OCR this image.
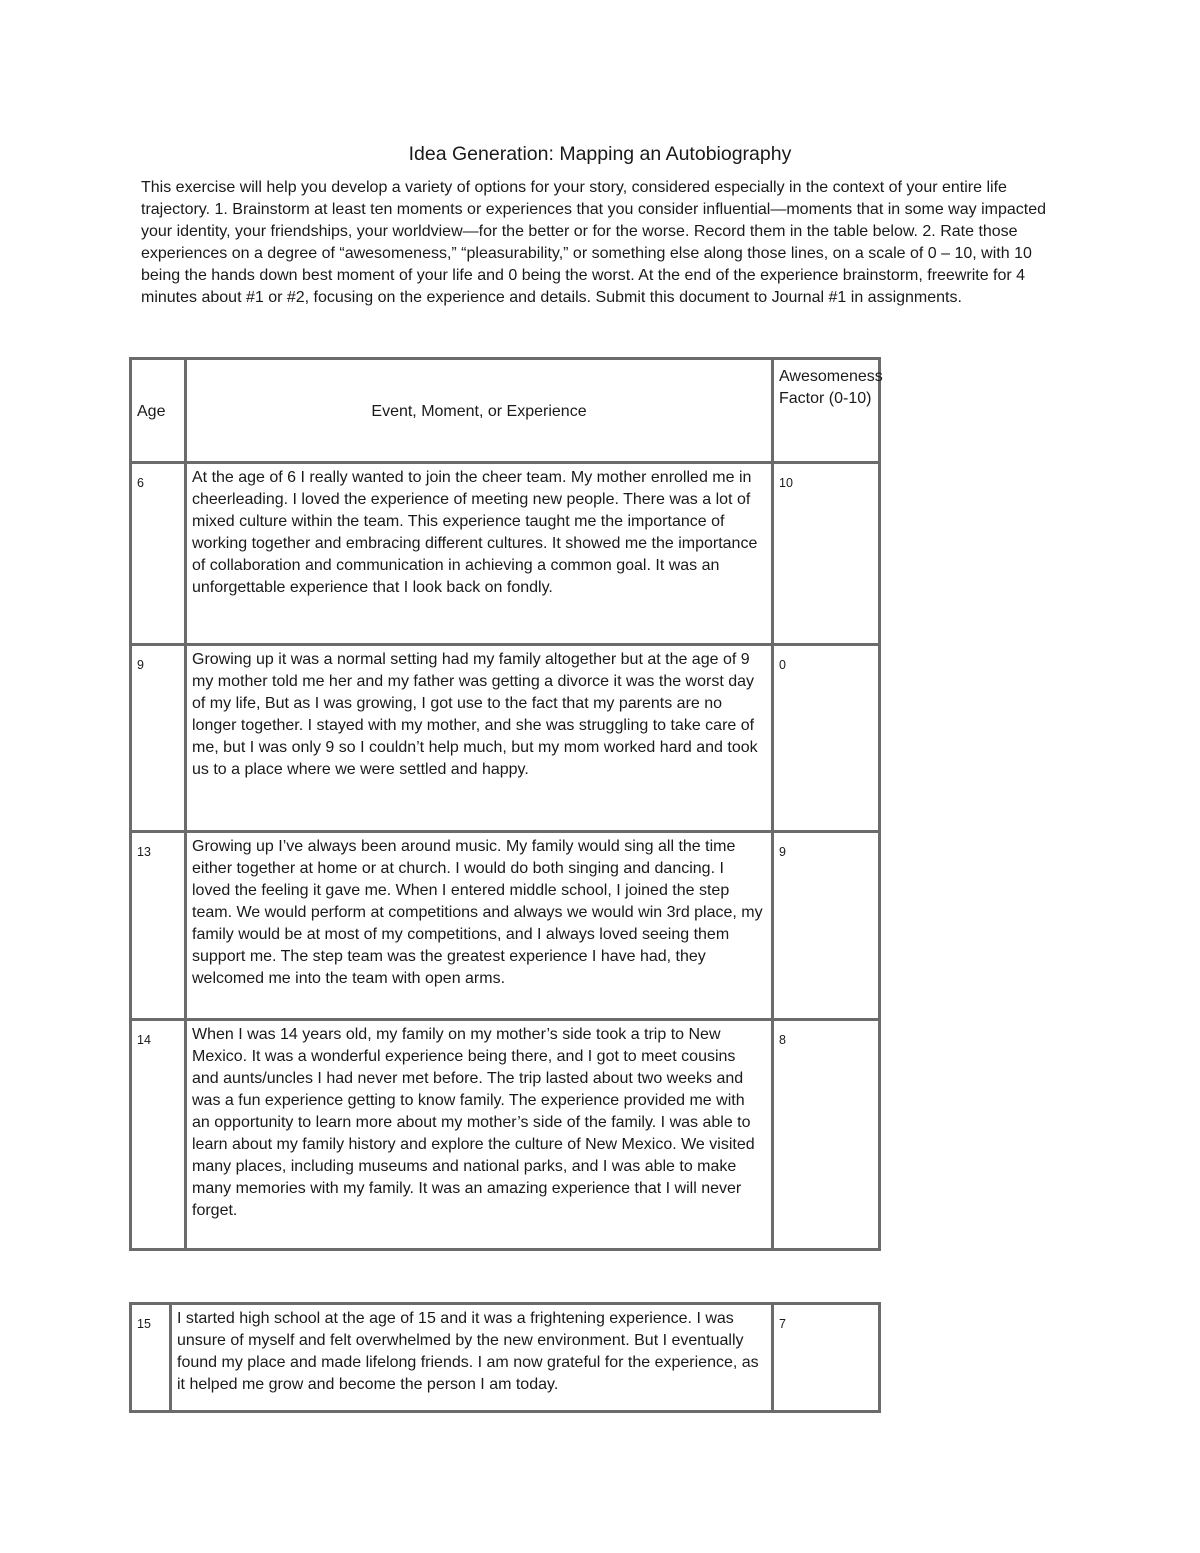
Idea Generation: Mapping an Autobiography

This exercise will help you develop a variety of options for your story, considered especially in the context of your entire life trajectory. 1. Brainstorm at least ten moments or experiences that you consider influential—moments that in some way impacted your identity, your friendships, your worldview—for the better or for the worse. Record them in the table below. 2. Rate those experiences on a degree of “awesomeness,” “pleasurability,” or something else along those lines, on a scale of 0 – 10, with 10 being the hands down best moment of your life and 0 being the worst. At the end of the experience brainstorm, freewrite for 4 minutes about #1 or #2, focusing on the experience and details. Submit this document to Journal #1 in assignments.

Age	Event, Moment, or Experience	Awesomeness Factor (0-10)
6	At the age of 6 I really wanted to join the cheer team. My mother enrolled me in cheerleading. I loved the experience of meeting new people. There was a lot of mixed culture within the team. This experience taught me the importance of working together and embracing different cultures. It showed me the importance of collaboration and communication in achieving a common goal. It was an unforgettable experience that I look back on fondly.	10
9	Growing up it was a normal setting had my family altogether but at the age of 9 my mother told me her and my father was getting a divorce it was the worst day of my life, But as I was growing, I got use to the fact that my parents are no longer together. I stayed with my mother, and she was struggling to take care of me, but I was only 9 so I couldn’t help much, but my mom worked hard and took us to a place where we were settled and happy.	0
13	Growing up I’ve always been around music. My family would sing all the time either together at home or at church. I would do both singing and dancing. I loved the feeling it gave me. When I entered middle school, I joined the step team. We would perform at competitions and always we would win 3rd place, my family would be at most of my competitions, and I always loved seeing them support me. The step team was the greatest experience I have had, they welcomed me into the team with open arms.	9
14	When I was 14 years old, my family on my mother’s side took a trip to New Mexico. It was a wonderful experience being there, and I got to meet cousins and aunts/uncles I had never met before. The trip lasted about two weeks and was a fun experience getting to know family. The experience provided me with an opportunity to learn more about my mother’s side of the family. I was able to learn about my family history and explore the culture of New Mexico. We visited many places, including museums and national parks, and I was able to make many memories with my family. It was an amazing experience that I will never forget.	8
15	I started high school at the age of 15 and it was a frightening experience. I was unsure of myself and felt overwhelmed by the new environment. But I eventually found my place and made lifelong friends. I am now grateful for the experience, as it helped me grow and become the person I am today.	7
